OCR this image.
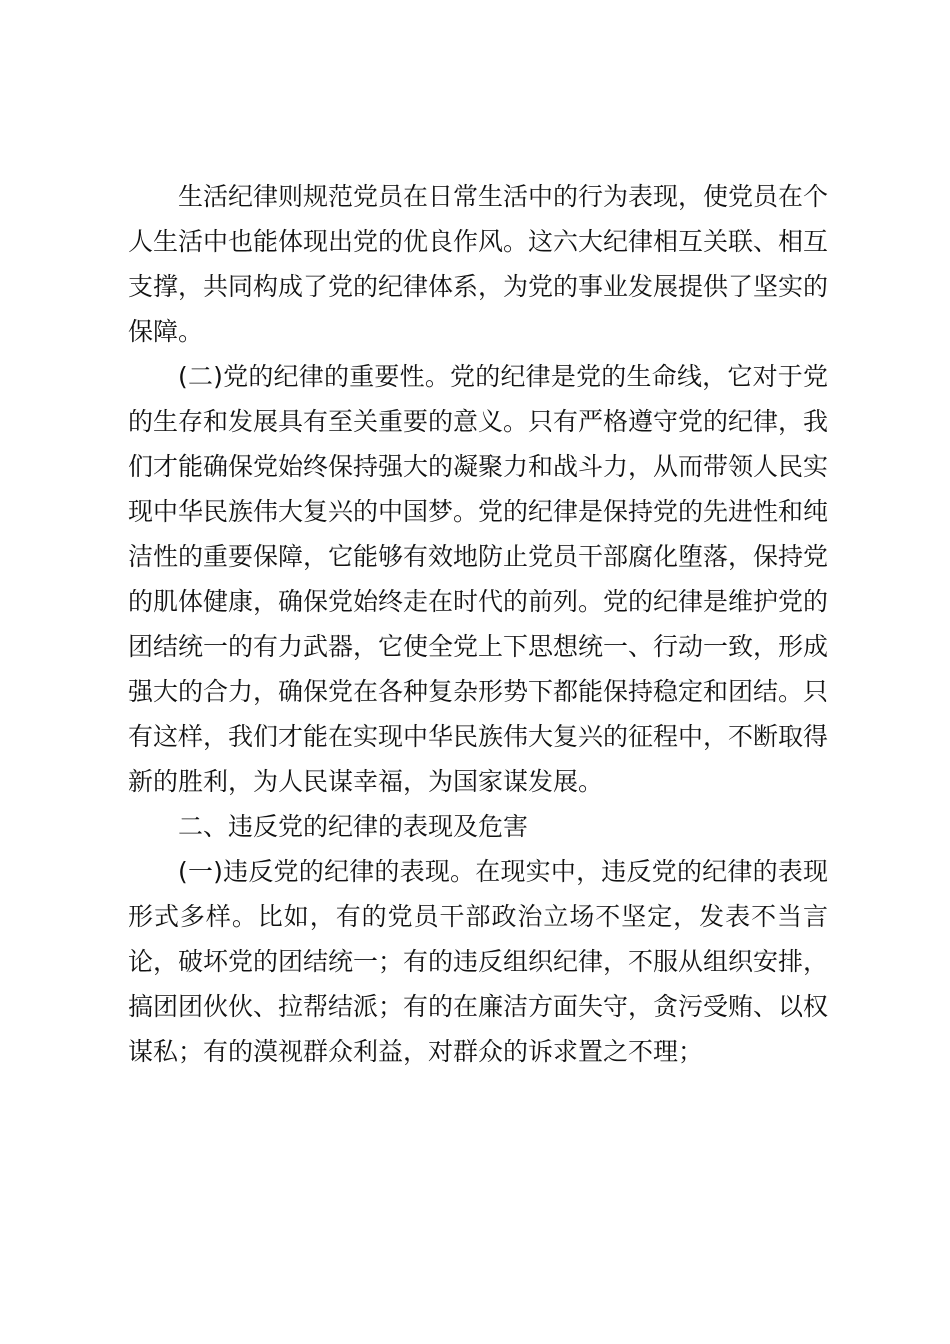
生活纪律则规范党员在日常生活中的行为表现，使党员在个人生活中也能体现出党的优良作风。这六大纪律相互关联、相互支撑，共同构成了党的纪律体系，为党的事业发展提供了坚实的保障。

(二)党的纪律的重要性。党的纪律是党的生命线，它对于党的生存和发展具有至关重要的意义。只有严格遵守党的纪律，我们才能确保党始终保持强大的凝聚力和战斗力，从而带领人民实现中华民族伟大复兴的中国梦。党的纪律是保持党的先进性和纯洁性的重要保障，它能够有效地防止党员干部腐化堕落，保持党的肌体健康，确保党始终走在时代的前列。党的纪律是维护党的团结统一的有力武器，它使全党上下思想统一、行动一致，形成强大的合力，确保党在各种复杂形势下都能保持稳定和团结。只有这样，我们才能在实现中华民族伟大复兴的征程中，不断取得新的胜利，为人民谋幸福，为国家谋发展。

二、违反党的纪律的表现及危害

(一)违反党的纪律的表现。在现实中，违反党的纪律的表现形式多样。比如，有的党员干部政治立场不坚定，发表不当言论，破坏党的团结统一；有的违反组织纪律，不服从组织安排，搞团团伙伙、拉帮结派；有的在廉洁方面失守，贪污受贿、以权谋私；有的漠视群众利益，对群众的诉求置之不理；
